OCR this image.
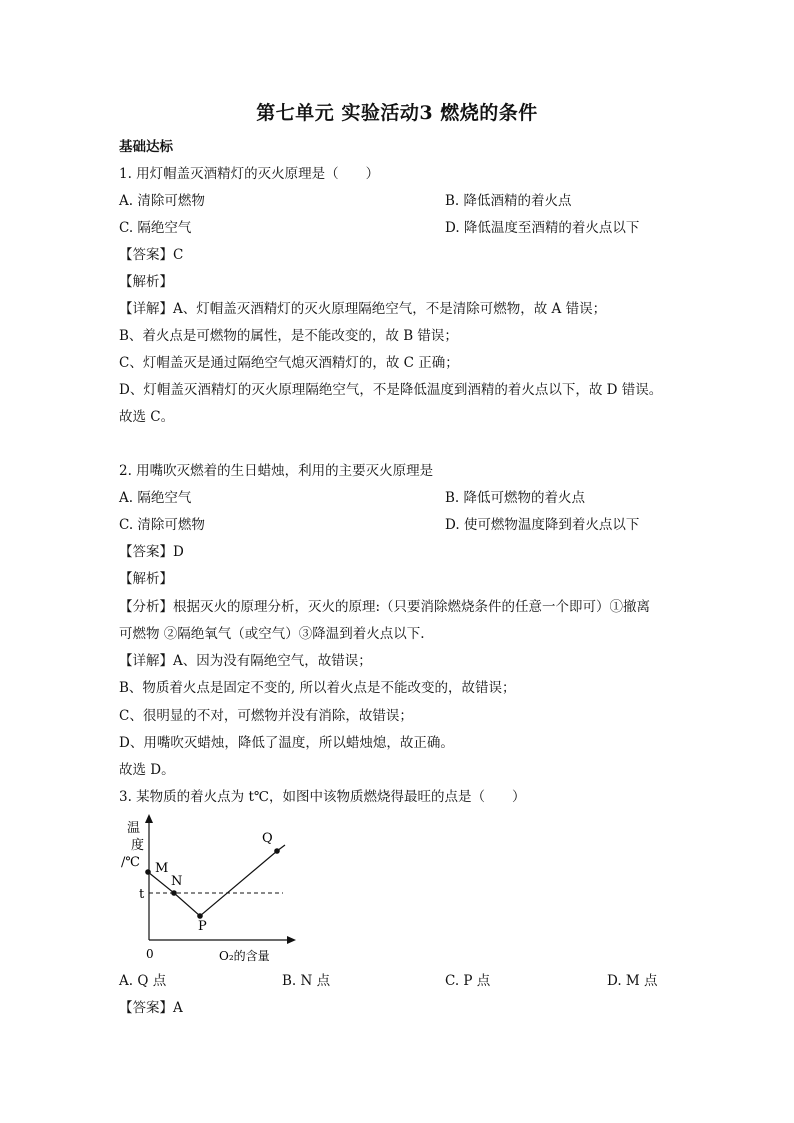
第七单元 实验活动3 燃烧的条件
基础达标
1. 用灯帽盖灭酒精灯的灭火原理是（　　）
A. 清除可燃物	B. 降低酒精的着火点
C. 隔绝空气	D. 降低温度至酒精的着火点以下
【答案】C
【解析】
【详解】A、灯帽盖灭酒精灯的灭火原理隔绝空气，不是清除可燃物，故 A 错误；
B、着火点是可燃物的属性，是不能改变的，故 B 错误；
C、灯帽盖灭是通过隔绝空气熄灭酒精灯的，故 C 正确；
D、灯帽盖灭酒精灯的灭火原理隔绝空气，不是降低温度到酒精的着火点以下，故 D 错误。
故选 C。
2. 用嘴吹灭燃着的生日蜡烛，利用的主要灭火原理是
A. 隔绝空气	B. 降低可燃物的着火点
C. 清除可燃物	D. 使可燃物温度降到着火点以下
【答案】D
【解析】
【分析】根据灭火的原理分析，灭火的原理:（只要消除燃烧条件的任意一个即可）①撤离
可燃物 ②隔绝氧气（或空气）③降温到着火点以下.
【详解】A、因为没有隔绝空气，故错误；
B、物质着火点是固定不变的, 所以着火点是不能改变的，故错误；
C、很明显的不对，可燃物并没有消除，故错误；
D、用嘴吹灭蜡烛，降低了温度，所以蜡烛熄，故正确。
故选 D。
3. 某物质的着火点为 t℃，如图中该物质燃烧得最旺的点是（　　）
温
度
/℃ M
N
t
P
Q
0	O₂的含量
A. Q 点	B. N 点	C. P 点	D. M 点
【答案】A
